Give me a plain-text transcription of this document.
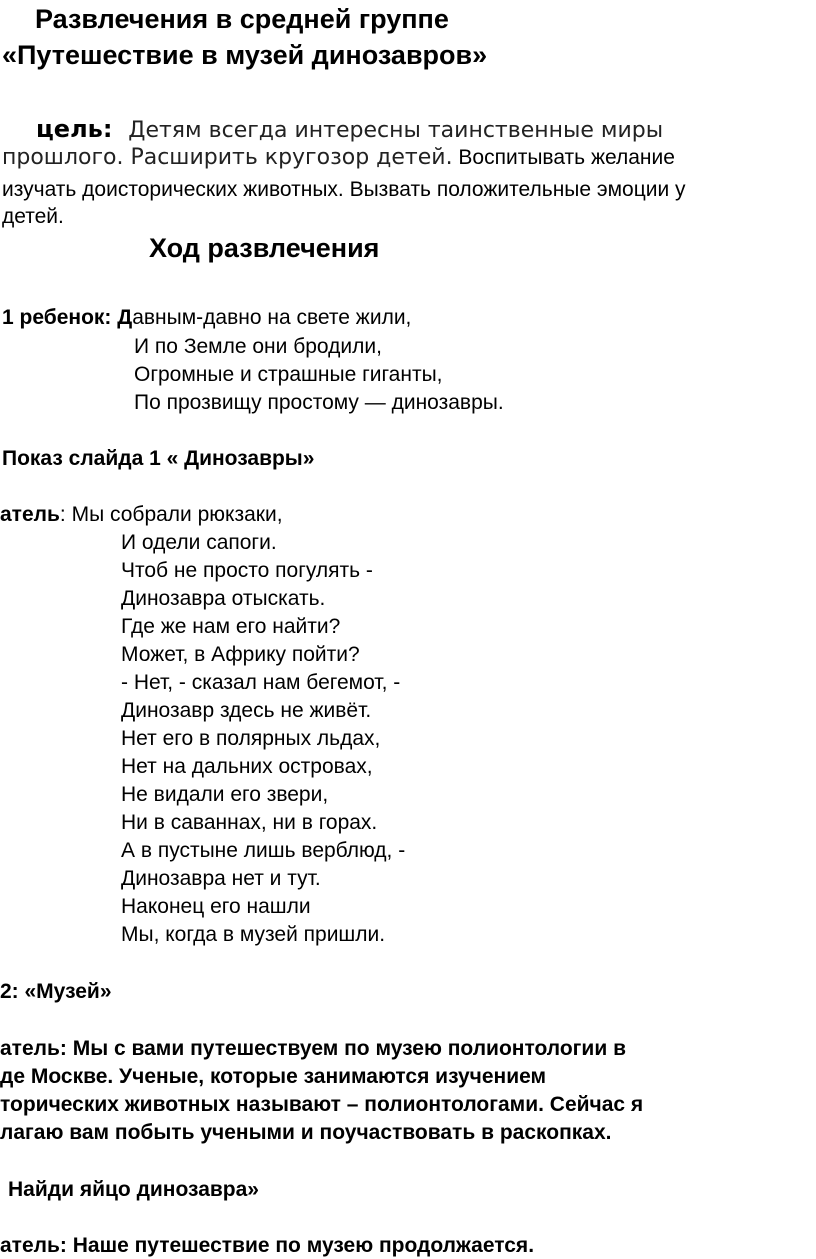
Развлечения в средней группе
«Путешествие в музей динозавров»
цель: Детям всегда интересны таинственные миры
прошлого. Расширить кругозор детей. Воспитывать желание
изучать доисторических животных. Вызвать положительные эмоции у
детей.
Ход развлечения
1 ребенок: Давным-давно на свете жили,
И по Земле они бродили,
Огромные и страшные гиганты,
По прозвищу простому — динозавры.
Показ слайда 1 « Динозавры»
атель: Мы собрали рюкзаки,
И одели сапоги.
Чтоб не просто погулять -
Динозавра отыскать.
Где же нам его найти?
Может, в Африку пойти?
- Нет, - сказал нам бегемот, -
Динозавр здесь не живёт.
Нет его в полярных льдах,
Нет на дальних островах,
Не видали его звери,
Ни в саваннах, ни в горах.
А в пустыне лишь верблюд, -
Динозавра нет и тут.
Наконец его нашли
Мы, когда в музей пришли.
2: «Музей»
атель: Мы с вами путешествуем по музею полионтологии в
де Москве. Ученые, которые занимаются изучением
торических животных называют – полионтологами. Сейчас я
лагаю вам побыть учеными и поучаствовать в раскопках.
Найди яйцо динозавра»
атель: Наше путешествие по музею продолжается.
